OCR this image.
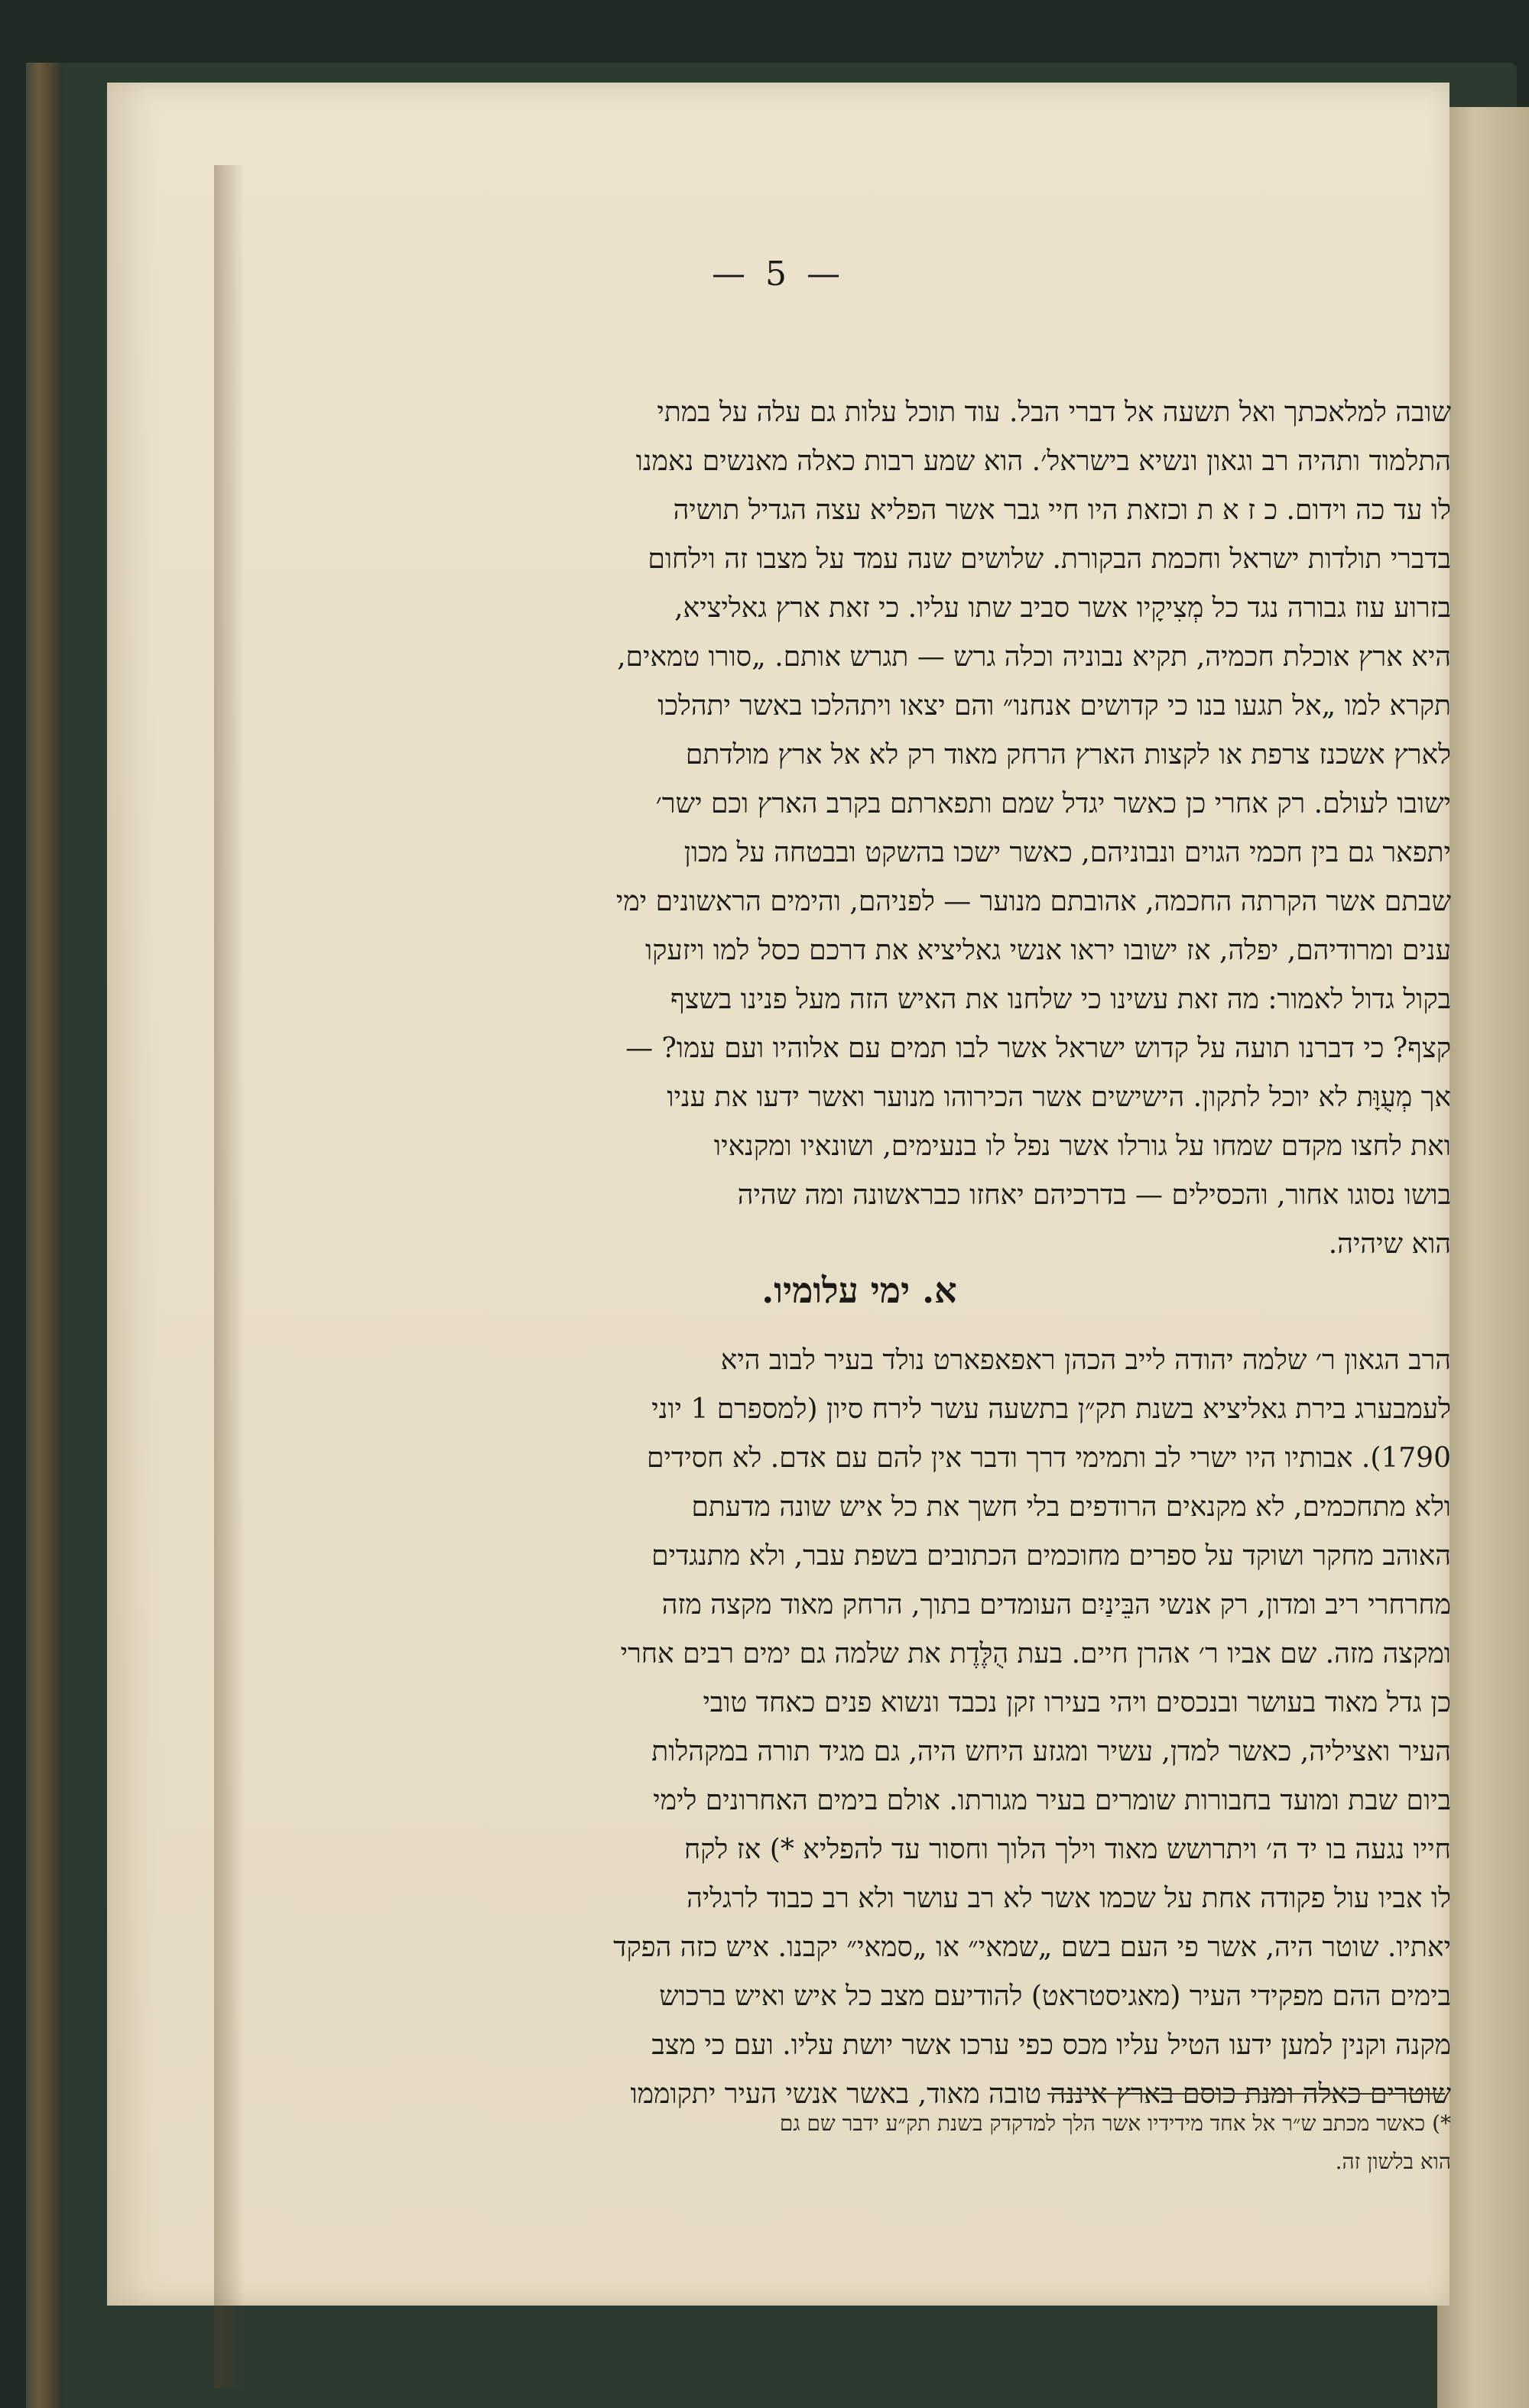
— 5 —
שובה למלאכתך ואל תשעה אל דברי הבל. עוד תוכל עלות גם עלה על במתי
התלמוד ותהיה רב וגאון ונשיא בישראל׳. הוא שמע רבות כאלה מאנשים נאמנו
לו עד כה וידום. כ ז א ת וכזאת היו חיי גבר אשר הפליא עצה הגדיל תושיה
בדברי תולדות ישראל וחכמת הבקורת. שלושים שנה עמד על מצבו זה וילחום
בזרוע עוז גבורה נגד כל מְצִיקָיו אשר סביב שתו עליו. כי זאת ארץ גאליציא,
היא ארץ אוכלת חכמיה, תקיא נבוניה וכלה גרש — תגרש אותם. „סורו טמאים,
תקרא למו „אל תגעו בנו כי קדושים אנחנו״ והם יצאו ויתהלכו באשר יתהלכו
לארץ אשכנז צרפת או לקצות הארץ הרחק מאוד רק לא אל ארץ מולדתם
ישובו לעולם. רק אחרי כן כאשר יגדל שמם ותפארתם בקרב הארץ וכם ישר׳
יתפאר גם בין חכמי הגוים ונבוניהם, כאשר ישכו בהשקט ובבטחה על מכון
שבתם אשר הקרתה החכמה, אהובתם מנוער — לפניהם, והימים הראשונים ימי
ענים ומרודיהם, יפלה, אז ישובו יראו אנשי גאליציא את דרכם כסל למו ויזעקו
בקול גדול לאמור: מה זאת עשינו כי שלחנו את האיש הזה מעל פנינו בשצף
קצף? כי דברנו תועה על קדוש ישראל אשר לבו תמים עם אלוהיו ועם עמו? —
אך מְעֻוָּת לא יוכל לתקון. הישישים אשר הכירוהו מנוער ואשר ידעו את עניו
ואת לחצו מקדם שמחו על גורלו אשר נפל לו בנעימים, ושונאיו ומקנאיו
בושו נסוגו אחור, והכסילים — בדרכיהם יאחזו כבראשונה ומה שהיה
הוא שיהיה.
א. ימי עלומיו.
הרב הגאון ר׳ שלמה יהודה לייב הכהן ראפאפארט נולד בעיר לבוב היא
לעמבערג בירת גאליציא בשנת תק״ן בתשעה עשר לירח סיון (למספרם 1 יוני
1790). אבותיו היו ישרי לב ותמימי דרך ודבר אין להם עם אדם. לא חסידים
ולא מתחכמים, לא מקנאים הרודפים בלי חשך את כל איש שונה מדעתם
האוהב מחקר ושוקד על ספרים מחוכמים הכתובים בשפת עבר, ולא מתנגדים
מחרחרי ריב ומדון, רק אנשי הבֵּינַיִם העומדים בתוך, הרחק מאוד מקצה מזה
ומקצה מזה. שם אביו ר׳ אהרן חיים. בעת הֻלֶּדֶת את שלמה גם ימים רבים אחרי
כן גדל מאוד בעושר ובנכסים ויהי בעירו זקן נכבד ונשוא פנים כאחד טובי
העיר ואציליה, כאשר למדן, עשיר ומגזע היחש היה, גם מגיד תורה במקהלות
ביום שבת ומועד בחבורות שומרים בעיר מגורתו. אולם בימים האחרונים לימי
חייו נגעה בו יד ה׳ ויתרושש מאוד וילך הלוך וחסור עד להפליא *) אז לקח
לו אביו עול פקודה אחת על שכמו אשר לא רב עושר ולא רב כבוד לרגליה
יאתיו. שוטר היה, אשר פי העם בשם „שמאי״ או „סמאי״ יקבנו. איש כזה הפקד
בימים ההם מפקידי העיר (מאגיסטראט) להודיעם מצב כל איש ואיש ברכוש
מקנה וקנין למען ידעו הטיל עליו מכס כפי ערכו אשר יושת עליו. ועם כי מצב
שוטרים כאלה ומנת כוסם בארץ איננה טובה מאוד, באשר אנשי העיר יתקוממו
*) כאשר מכתב ש״ר אל אחד מידידיו אשר הלך למדקדק בשנת תק״ע ידבר שם גם
הוא בלשון זה.
